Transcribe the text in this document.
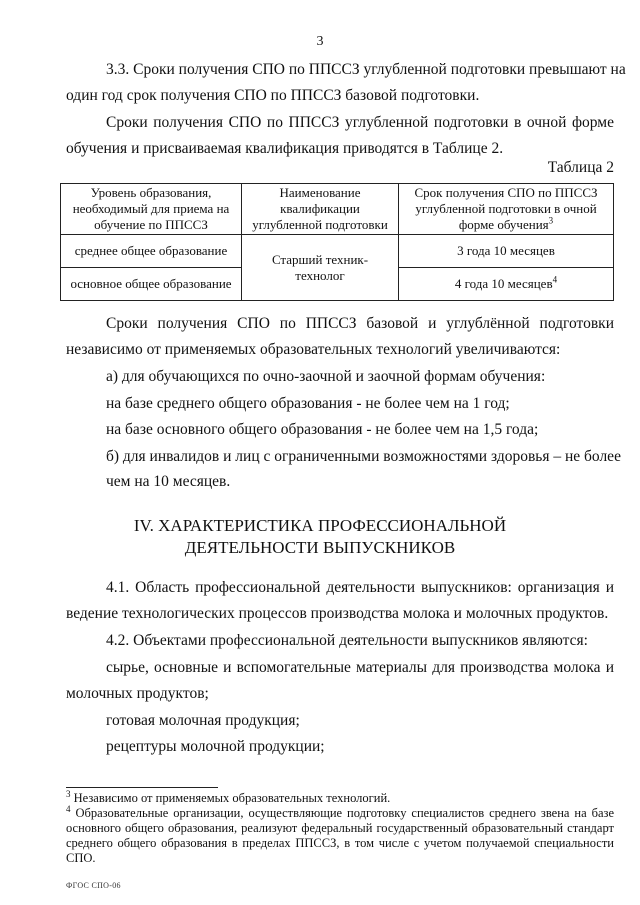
3
3.3. Сроки получения СПО по ППССЗ углубленной подготовки превышают на
один год срок получения СПО по ППССЗ базовой подготовки.
Сроки получения СПО по ППССЗ углубленной подготовки в очной форме
обучения и присваиваемая квалификация приводятся в Таблице 2.
Таблица 2
Уровень образования, необходимый для приема на обучение по ППССЗ	Наименование квалификации углубленной подготовки	Срок получения СПО по ППССЗ углубленной подготовки в очной форме обучения$^3$
среднее общее образование	Старший техник-технолог	3 года 10 месяцев
основное общее образование		4 года 10 месяцев$^4$
Сроки получения СПО по ППССЗ базовой и углублённой подготовки
независимо от применяемых образовательных технологий увеличиваются:
а) для обучающихся по очно-заочной и заочной формам обучения:
на базе среднего общего образования - не более чем на 1 год;
на базе основного общего образования - не более чем на 1,5 года;
б) для инвалидов и лиц с ограниченными возможностями здоровья – не более
чем на 10 месяцев.
IV. ХАРАКТЕРИСТИКА ПРОФЕССИОНАЛЬНОЙ
ДЕЯТЕЛЬНОСТИ ВЫПУСКНИКОВ
4.1. Область профессиональной деятельности выпускников: организация и
ведение технологических процессов производства молока и молочных продуктов.
4.2. Объектами профессиональной деятельности выпускников являются:
сырье, основные и вспомогательные материалы для производства молока и
молочных продуктов;
готовая молочная продукция;
рецептуры молочной продукции;
$^3$ Независимо от применяемых образовательных технологий.
$^4$ Образовательные организации, осуществляющие подготовку специалистов среднего звена на базе основного общего образования, реализуют федеральный государственный образовательный стандарт среднего общего образования в пределах ППССЗ, в том числе с учетом получаемой специальности СПО.
ФГОС СПО-06
